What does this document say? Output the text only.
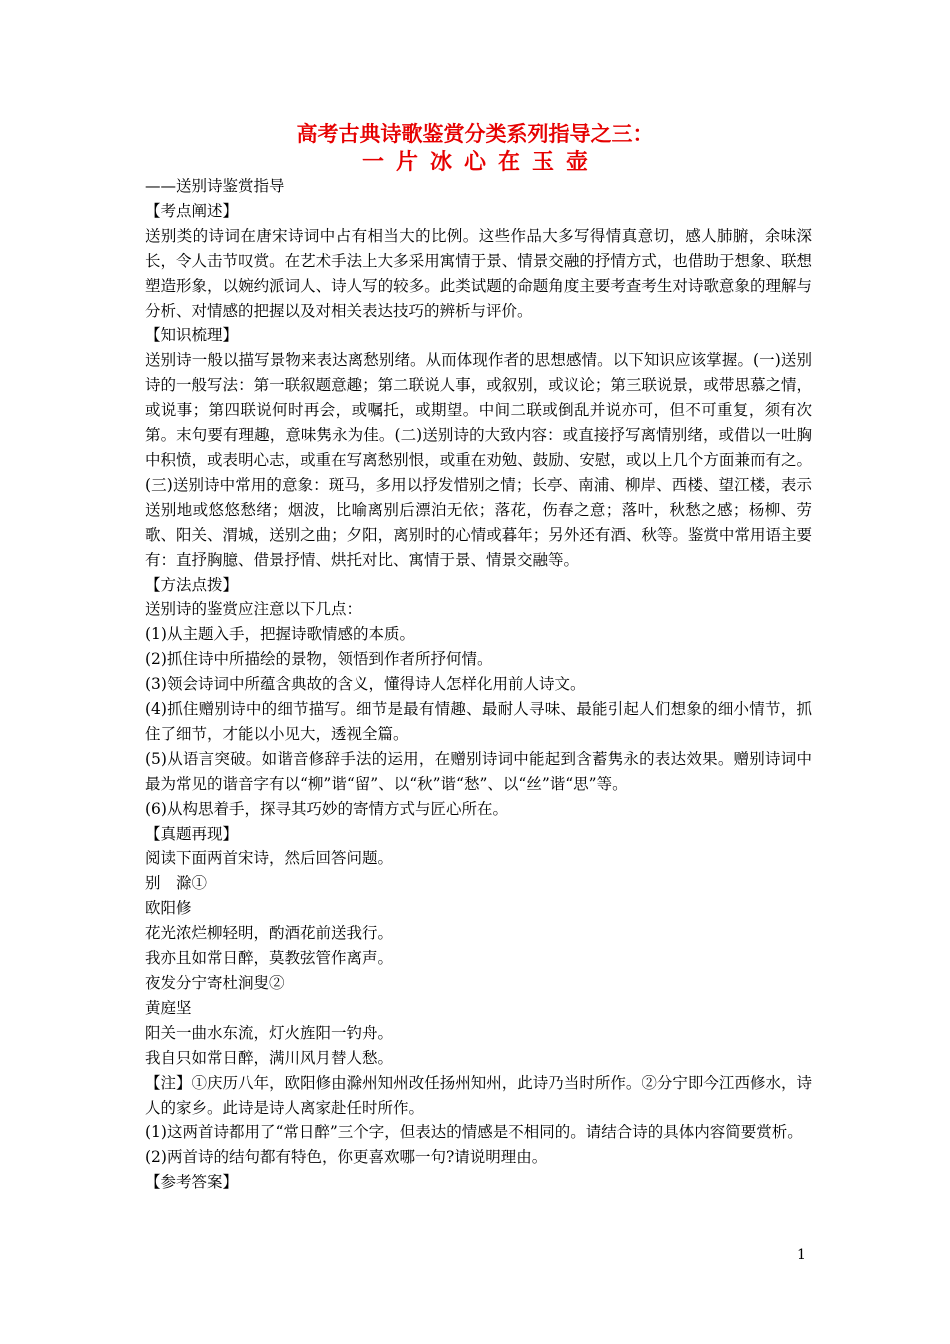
高考古典诗歌鉴赏分类系列指导之三：
一片冰心在玉壶

——送别诗鉴赏指导

【考点阐述】

送别类的诗词在唐宋诗词中占有相当大的比例。这些作品大多写得情真意切，感人肺腑，余味深长，令人击节叹赏。在艺术手法上大多采用寓情于景、情景交融的抒情方式，也借助于想象、联想塑造形象，以婉约派词人、诗人写的较多。此类试题的命题角度主要考查考生对诗歌意象的理解与分析、对情感的把握以及对相关表达技巧的辨析与评价。

【知识梳理】

送别诗一般以描写景物来表达离愁别绪。从而体现作者的思想感情。以下知识应该掌握。(一)送别诗的一般写法：第一联叙题意趣；第二联说人事，或叙别，或议论；第三联说景，或带思慕之情，或说事；第四联说何时再会，或嘱托，或期望。中间二联或倒乱并说亦可，但不可重复，须有次第。末句要有理趣，意味隽永为佳。(二)送别诗的大致内容：或直接抒写离情别绪，或借以一吐胸中积愤，或表明心志，或重在写离愁别恨，或重在劝勉、鼓励、安慰，或以上几个方面兼而有之。(三)送别诗中常用的意象：斑马，多用以抒发惜别之情；长亭、南浦、柳岸、西楼、望江楼，表示送别地或悠悠愁绪；烟波，比喻离别后漂泊无依；落花，伤春之意；落叶，秋愁之感；杨柳、劳歌、阳关、渭城，送别之曲；夕阳，离别时的心情或暮年；另外还有酒、秋等。鉴赏中常用语主要有：直抒胸臆、借景抒情、烘托对比、寓情于景、情景交融等。

【方法点拨】

送别诗的鉴赏应注意以下几点：

(1)从主题入手，把握诗歌情感的本质。

(2)抓住诗中所描绘的景物，领悟到作者所抒何情。

(3)领会诗词中所蕴含典故的含义，懂得诗人怎样化用前人诗文。

(4)抓住赠别诗中的细节描写。细节是最有情趣、最耐人寻味、最能引起人们想象的细小情节，抓住了细节，才能以小见大，透视全篇。

(5)从语言突破。如谐音修辞手法的运用，在赠别诗词中能起到含蓄隽永的表达效果。赠别诗词中最为常见的谐音字有以“柳”谐“留”、以“秋”谐“愁”、以“丝”谐“思”等。

(6)从构思着手，探寻其巧妙的寄情方式与匠心所在。

【真题再现】

阅读下面两首宋诗，然后回答问题。

别　滁①

欧阳修

花光浓烂柳轻明，酌酒花前送我行。

我亦且如常日醉，莫教弦管作离声。

夜发分宁寄杜涧叟②

黄庭坚

阳关一曲水东流，灯火旌阳一钓舟。

我自只如常日醉，满川风月替人愁。

【注】①庆历八年，欧阳修由滁州知州改任扬州知州，此诗乃当时所作。②分宁即今江西修水，诗人的家乡。此诗是诗人离家赴任时所作。

(1)这两首诗都用了“常日醉”三个字，但表达的情感是不相同的。请结合诗的具体内容简要赏析。

(2)两首诗的结句都有特色，你更喜欢哪一句?请说明理由。

【参考答案】

1
